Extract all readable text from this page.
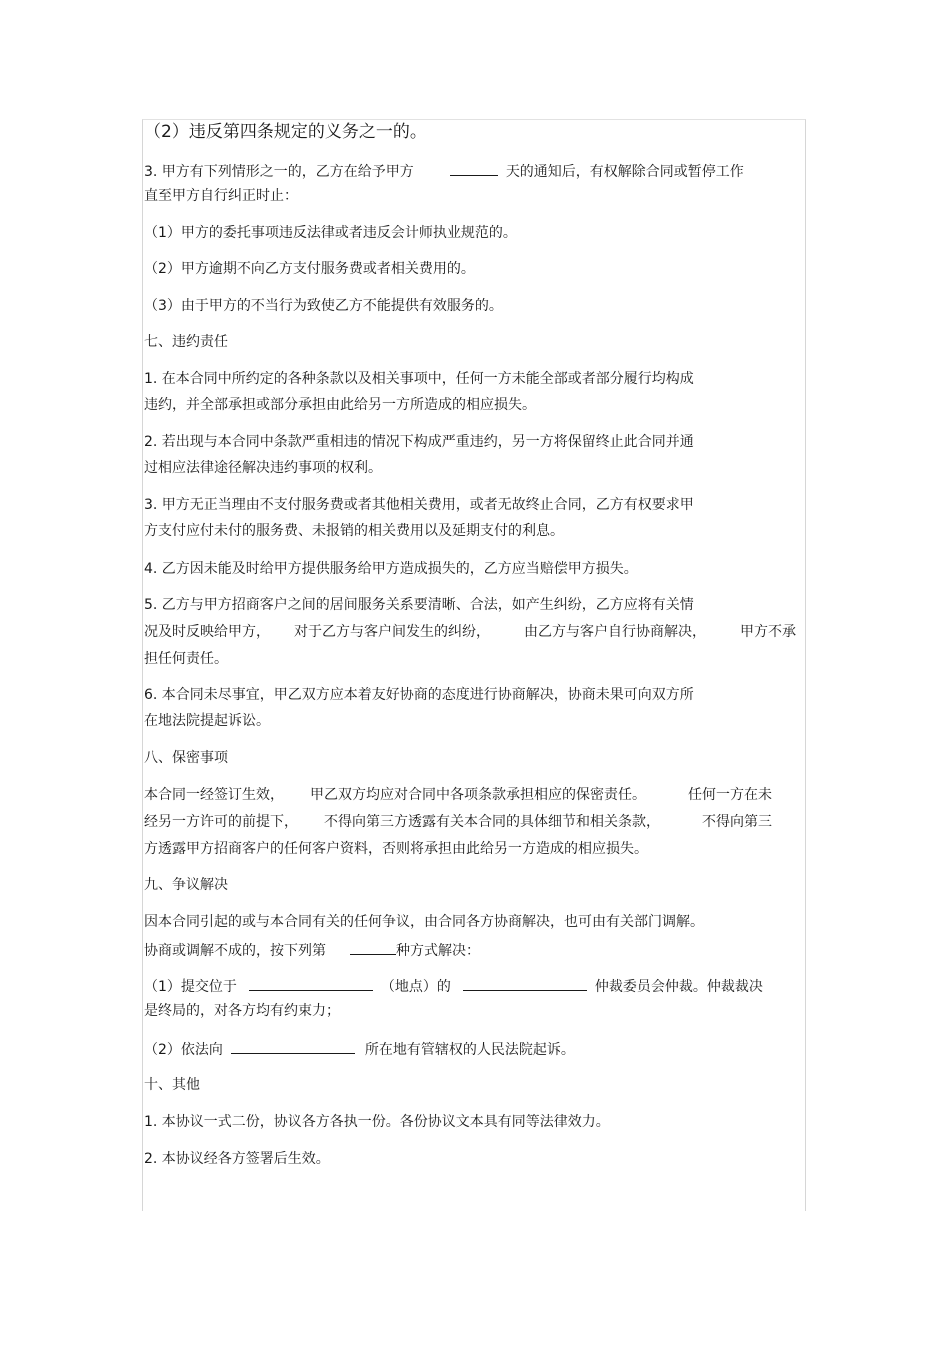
（2）违反第四条规定的义务之一的。
3. 甲方有下列情形之一的，乙方在给予甲方	天的通知后，有权解除合同或暂停工作
直至甲方自行纠正时止：
（1）甲方的委托事项违反法律或者违反会计师执业规范的。
（2）甲方逾期不向乙方支付服务费或者相关费用的。
（3）由于甲方的不当行为致使乙方不能提供有效服务的。
七、违约责任
1. 在本合同中所约定的各种条款以及相关事项中，任何一方未能全部或者部分履行均构成
违约，并全部承担或部分承担由此给另一方所造成的相应损失。
2. 若出现与本合同中条款严重相违的情况下构成严重违约，另一方将保留终止此合同并通
过相应法律途径解决违约事项的权利。
3. 甲方无正当理由不支付服务费或者其他相关费用，或者无故终止合同，乙方有权要求甲
方支付应付未付的服务费、未报销的相关费用以及延期支付的利息。
4. 乙方因未能及时给甲方提供服务给甲方造成损失的，乙方应当赔偿甲方损失。
5. 乙方与甲方招商客户之间的居间服务关系要清晰、合法，如产生纠纷，乙方应将有关情
况及时反映给甲方， 对于乙方与客户间发生的纠纷， 由乙方与客户自行协商解决， 甲方不承
担任何责任。
6. 本合同未尽事宜，甲乙双方应本着友好协商的态度进行协商解决，协商未果可向双方所
在地法院提起诉讼。
八、保密事项
本合同一经签订生效， 甲乙双方均应对合同中各项条款承担相应的保密责任。	任何一方在未
经另一方许可的前提下， 不得向第三方透露有关本合同的具体细节和相关条款，	不得向第三
方透露甲方招商客户的任何客户资料，否则将承担由此给另一方造成的相应损失。
九、争议解决
因本合同引起的或与本合同有关的任何争议，由合同各方协商解决，也可由有关部门调解。
协商或调解不成的，按下列第	种方式解决：
（1）提交位于	（地点）的	仲裁委员会仲裁。仲裁裁决
是终局的，对各方均有约束力；
（2）依法向	所在地有管辖权的人民法院起诉。
十、其他
1. 本协议一式二份，协议各方各执一份。各份协议文本具有同等法律效力。
2. 本协议经各方签署后生效。
